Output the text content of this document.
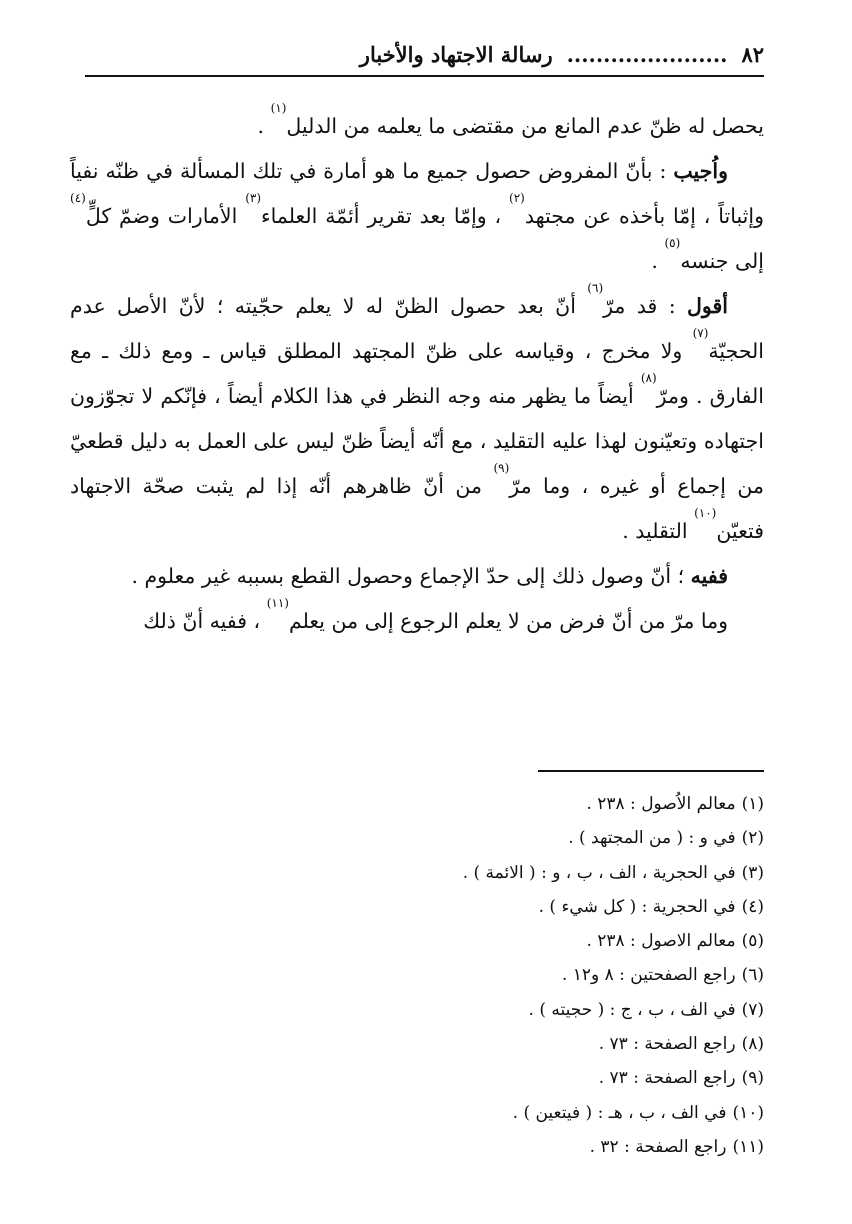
٨٢
......................
رسالة الاجتهاد والأخبار

يحصل له ظنّ عدم المانع من مقتضى ما يعلمه من الدليل$^{(١)}$ .

واُجيب : بأنّ المفروض حصول جميع ما هو أمارة في تلك المسألة في ظنّه نفياً وإثباتاً ، إمّا بأخذه عن مجتهد$^{(٢)}$ ، وإمّا بعد تقرير أئمّة العلماء$^{(٣)}$ الأمارات وضمّ كلٍّ$^{(٤)}$ إلى جنسه$^{(٥)}$ .

أقول : قد مرّ$^{(٦)}$ أنّ بعد حصول الظنّ له لا يعلم حجّيته ؛ لأنّ الأصل عدم الحجيّة$^{(٧)}$ ولا مخرج ، وقياسه على ظنّ المجتهد المطلق قياس ـ ومع ذلك ـ مع الفارق . ومرّ$^{(٨)}$ أيضاً ما يظهر منه وجه النظر في هذا الكلام أيضاً ، فإنّكم لا تجوّزون اجتهاده وتعيّنون لهذا عليه التقليد ، مع أنّه أيضاً ظنّ ليس على العمل به دليل قطعيّ من إجماع أو غيره ، وما مرّ$^{(٩)}$ من أنّ ظاهرهم أنّه إذا لم يثبت صحّة الاجتهاد فتعيّن$^{(١٠)}$ التقليد .

ففيه ؛ أنّ وصول ذلك إلى حدّ الإجماع وحصول القطع بسببه غير معلوم .

وما مرّ من أنّ فرض من لا يعلم الرجوع إلى من يعلم$^{(١١)}$ ، ففيه أنّ ذلك

(١)معالم الاُصول : ٢٣٨ .
(٢)في و : ( من المجتهد ) .
(٣)في الحجرية ، الف ، ب ، و : ( الائمة ) .
(٤)في الحجرية : ( كل شيء ) .
(٥)معالم الاصول : ٢٣٨ .
(٦)راجع الصفحتين : ٨ و١٢ .
(٧)في الف ، ب ، ج : ( حجيته ) .
(٨)راجع الصفحة : ٧٣ .
(٩)راجع الصفحة : ٧٣ .
(١٠)في الف ، ب ، هـ : ( فيتعين ) .
(١١)راجع الصفحة : ٣٢ .
